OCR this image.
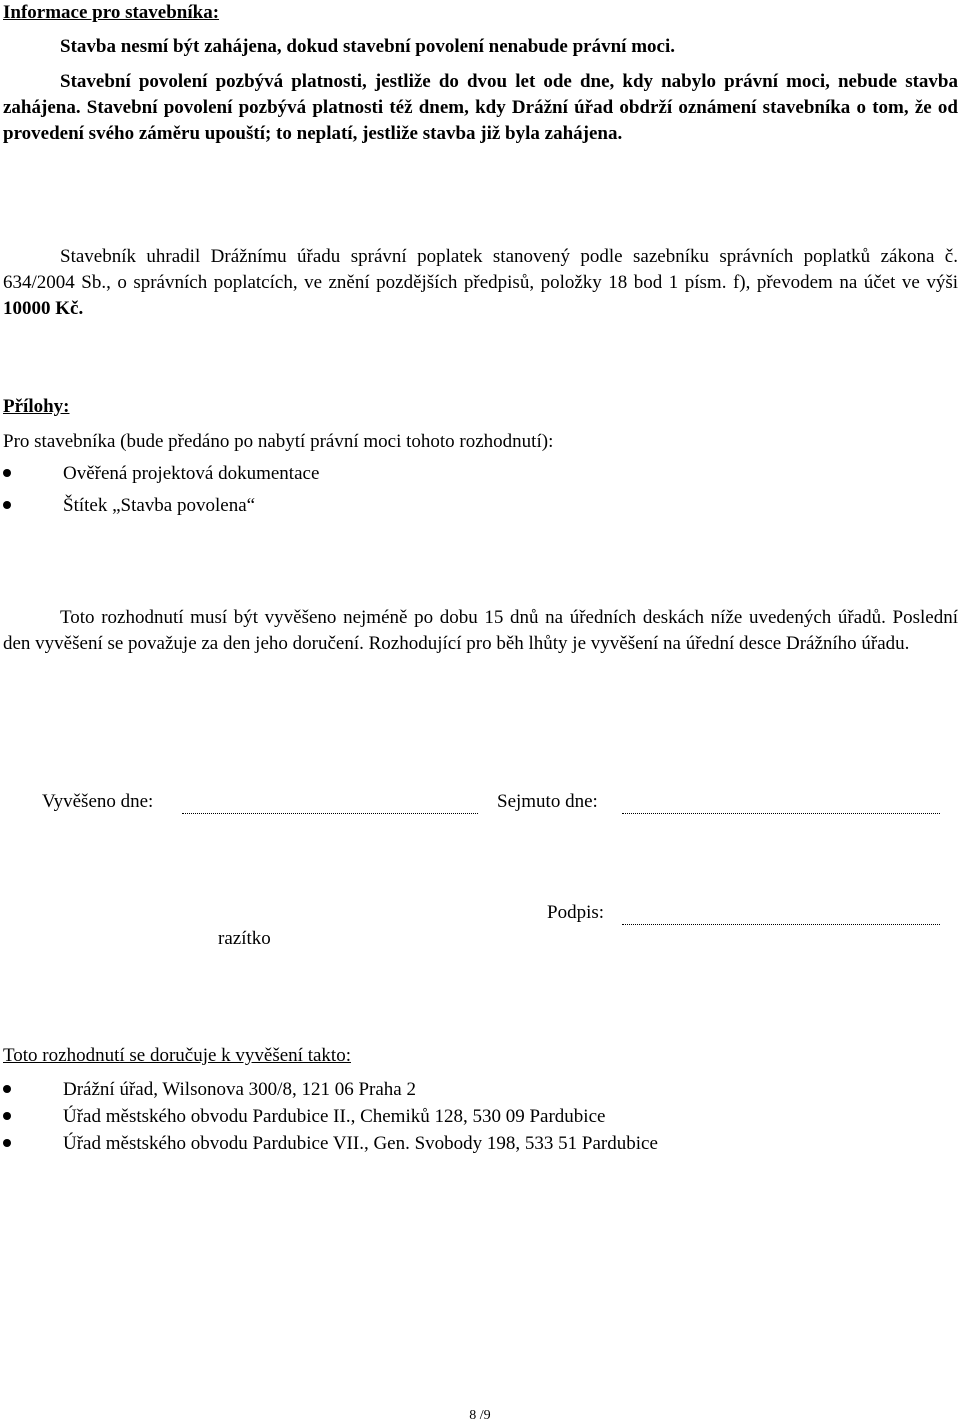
Informace pro stavebníka:

Stavba nesmí být zahájena, dokud stavební povolení nenabude právní moci.

Stavební povolení pozbývá platnosti, jestliže do dvou let ode dne, kdy nabylo právní moci, nebude stavba zahájena. Stavební povolení pozbývá platnosti též dnem, kdy Drážní úřad obdrží oznámení stavebníka o tom, že od provedení svého záměru upouští; to neplatí, jestliže stavba již byla zahájena.

Stavebník uhradil Drážnímu úřadu správní poplatek stanovený podle sazebníku správních poplatků zákona č. 634/2004 Sb., o správních poplatcích, ve znění pozdějších předpisů, položky 18 bod 1 písm. f), převodem na účet ve výši 10000 Kč.

Přílohy:
Pro stavebníka (bude předáno po nabytí právní moci tohoto rozhodnutí):
Ověřená projektová dokumentace
Štítek „Stavba povolena“

Toto rozhodnutí musí být vyvěšeno nejméně po dobu 15 dnů na úředních deskách níže uvedených úřadů. Poslední den vyvěšení se považuje za den jeho doručení. Rozhodující pro běh lhůty je vyvěšení na úřední desce Drážního úřadu.

Vyvěšeno dne:	Sejmuto dne:
Podpis:
razítko
Toto rozhodnutí se doručuje k vyvěšení takto:
Drážní úřad, Wilsonova 300/8, 121 06 Praha 2
Úřad městského obvodu Pardubice II., Chemiků 128, 530 09 Pardubice
Úřad městského obvodu Pardubice VII., Gen. Svobody 198, 533 51 Pardubice
8 /9
